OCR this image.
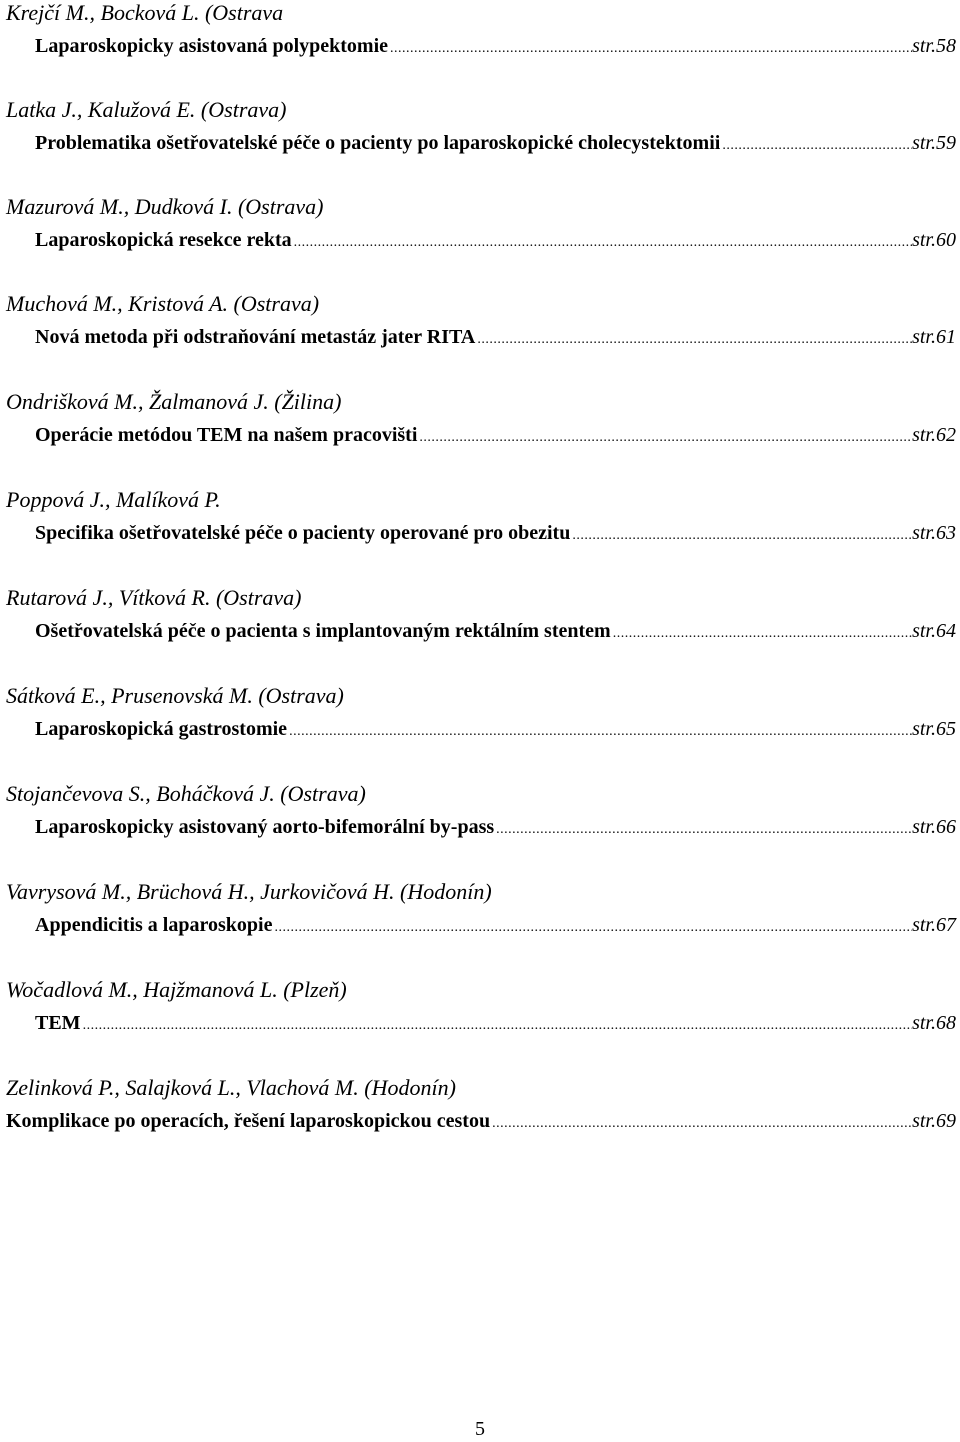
Krejčí M., Bocková L. (Ostrava
Laparoskopicky asistovaná polypektomie .....	str.58
Latka J., Kalužová E. (Ostrava)
Problematika ošetřovatelské péče o pacienty po laparoskopické cholecystektomii .....	str.59
Mazurová M., Dudková I. (Ostrava)
Laparoskopická resekce rekta .....	str.60
Muchová M., Kristová A. (Ostrava)
Nová metoda při odstraňování metastáz jater RITA .....	str.61
Ondrišková M., Žalmanová J. (Žilina)
Operácie metódou TEM na našem pracovišti .....	str.62
Poppová J., Malíková P.
Specifika ošetřovatelské péče o pacienty operované pro obezitu .....	str.63
Rutarová J., Vítková R. (Ostrava)
Ošetřovatelská péče o pacienta s implantovaným rektálním stentem .....	str.64
Sátková E., Prusenovská M. (Ostrava)
Laparoskopická gastrostomie .....	str.65
Stojančevova S., Boháčková J. (Ostrava)
Laparoskopicky asistovaný aorto-bifemorální by-pass .....	str.66
Vavrysová M., Brüchová H., Jurkovičová H. (Hodonín)
Appendicitis a laparoskopie .....	str.67
Wočadlová M., Hajžmanová L. (Plzeň)
TEM .....	str.68
Zelinková P., Salajková L., Vlachová M. (Hodonín)
Komplikace po operacích, řešení laparoskopickou cestou .....	str.69
5
